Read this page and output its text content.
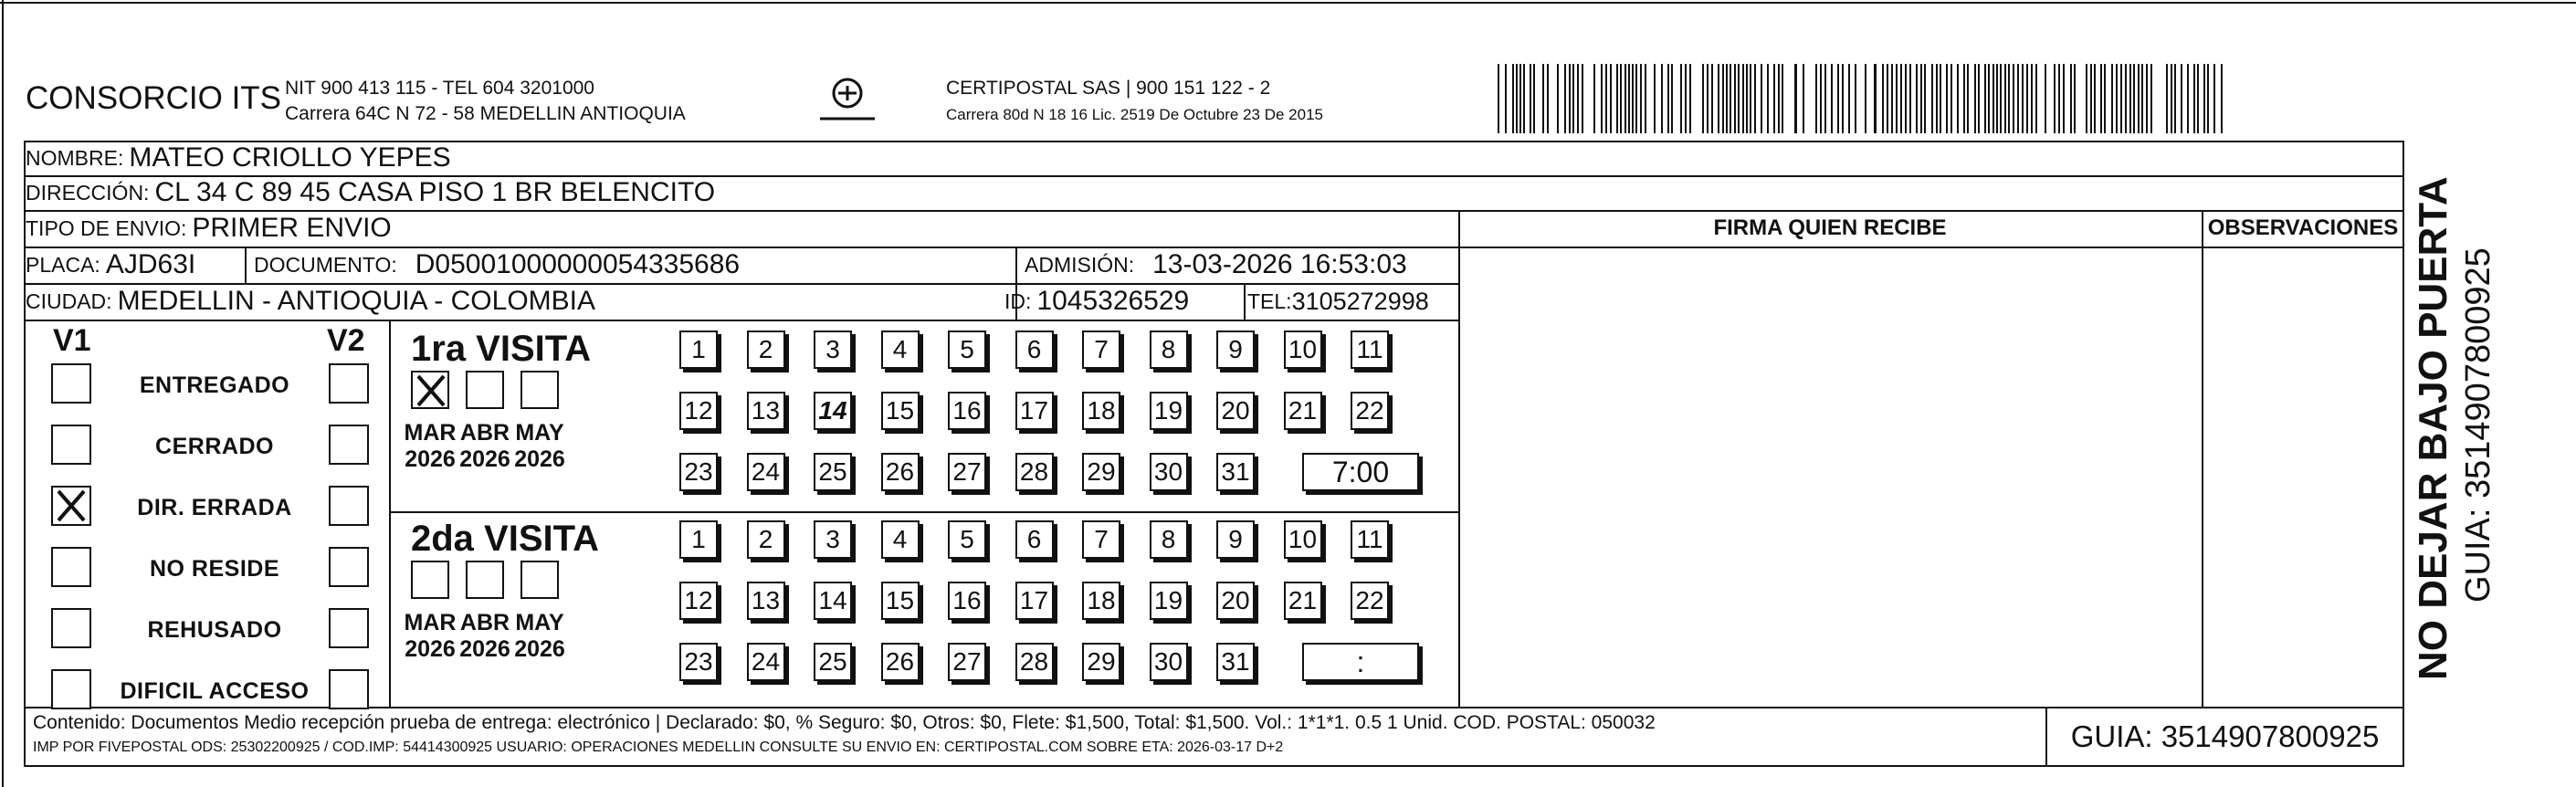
CONSORCIO ITS NIT 900 413 115 - TEL 604 3201000
Carrera 64C N 72 - 58 MEDELLIN ANTIOQUIA
CERTIPOSTAL SAS | 900 151 122 - 2
Carrera 80d N 18 16 Lic. 2519 De Octubre 23 De 2015
NOMBRE: MATEO CRIOLLO YEPES
DIRECCIÓN: CL 34 C 89 45 CASA PISO 1 BR BELENCITO
TIPO DE ENVIO: PRIMER ENVIO	FIRMA QUIEN RECIBE	OBSERVACIONES
PLACA: AJD63I	DOCUMENTO: D05001000000054335686	ADMISIÓN: 13-03-2026 16:53:03
CIUDAD: MEDELLIN - ANTIOQUIA - COLOMBIA	ID: 1045326529	TEL: 3105272998
V1	V2 1ra VISITA
2da VISITA
Contenido: Documentos Medio recepción prueba de entrega: electrónico | Declarado: $0, % Seguro: $0, Otros: $0, Flete: $1,500, Total: $1,500. Vol.: 1*1*1. 0.5 1 Unid. COD. POSTAL: 050032
IMP POR FIVEPOSTAL ODS: 25302200925 / COD.IMP: 54414300925 USUARIO: OPERACIONES MEDELLIN CONSULTE SU ENVIO EN: CERTIPOSTAL.COM SOBRE ETA: 2026-03-17 D+2	GUIA: 3514907800925
NO DEJAR BAJO PUERTA GUIA: 3514907800925
ENTREGADO
CERRADO
DIR. ERRADA
NO RESIDE
REHUSADO
DIFICIL ACCESO
MAR
2026
ABR
2026
MAY
2026
1	2	3	4	5	6	7	8	9	10 11
12 13 14 15 16 17 18 19 20 21 22
23 24 25 26 27 28 29 30 31	7:00
MAR
2026
ABR
2026
MAY
2026
1	2	3	4	5	6	7	8	9	10 11
12 13 14 15 16 17 18 19 20 21 22
23 24 25 26 27 28 29 30 31	:
